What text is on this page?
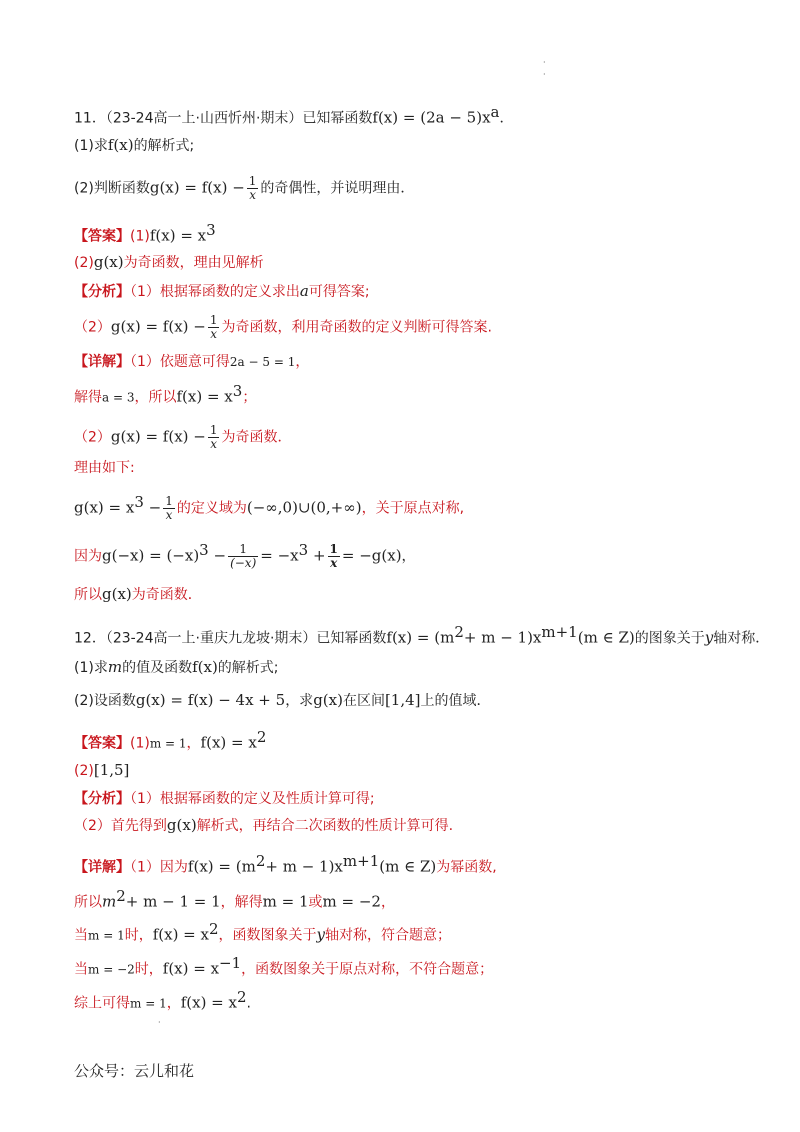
·
·
11．（23-24高一上·山西忻州·期末）已知幂函数$f(x) = (2a - 5)x^a$．
(1)求f(x)的解析式;
(2)判断函数$g(x) = f(x) - \frac{1}{x}$ 的奇偶性，并说明理由．
【答案】$(1)f(x) = x^3$
(2)g(x)为奇函数，理由见解析
【分析】（1）根据幂函数的定义求出a可得答案;
$(2)g(x) = f(x) - \frac{1}{x}$ 为奇函数，利用奇函数的定义判断可得答案.
【详解】（1）依题意可得2a − 5 = 1，
解得a = 3，所以$f(x) = x^3$；
$(2)g(x) = f(x) - \frac{1}{x}$ 为奇函数．
理由如下:
$g(x) = x^3 - \frac{1}{x}$ 的定义域为(−∞,0)∪(0,+∞)，关于原点对称,
因为$g(-x) = (-x)^3 - \frac{1}{(-x)} = -x^3 + \frac{1}{x} = -g(x)$，
所以g(x)为奇函数．
12．（23-24高一上·重庆九龙坡·期末）已知幂函数$f(x) = (m^2+ m - 1)x^{m+1}(m$ ∈ Z)的图象关于y轴对称．
(1)求m的值及函数f(x)的解析式;
(2)设函数g(x) = f(x) − 4x + 5，求g(x)在区间[1,4]上的值域．
【答案】(1)m = 1，$f(x) = x^2$
(2)[1,5]
【分析】（1）根据幂函数的定义及性质计算可得;
（2）首先得到g(x)解析式，再结合二次函数的性质计算可得.
【详解】（1）因为$f(x) = (m^2+ m - 1)x^{m+1}(m$ ∈ Z)为幂函数,
所以$m^2+ m - 1 = 1$，解得m = 1或m = −2，
当m = 1时，$f(x) = x^2$，函数图象关于y轴对称，符合题意；
当m = −2时，$f(x) = x^{-1}$，函数图象关于原点对称，不符合题意；
综上可得m = 1，$f(x) = x^2$.
·
公众号：云儿和花
